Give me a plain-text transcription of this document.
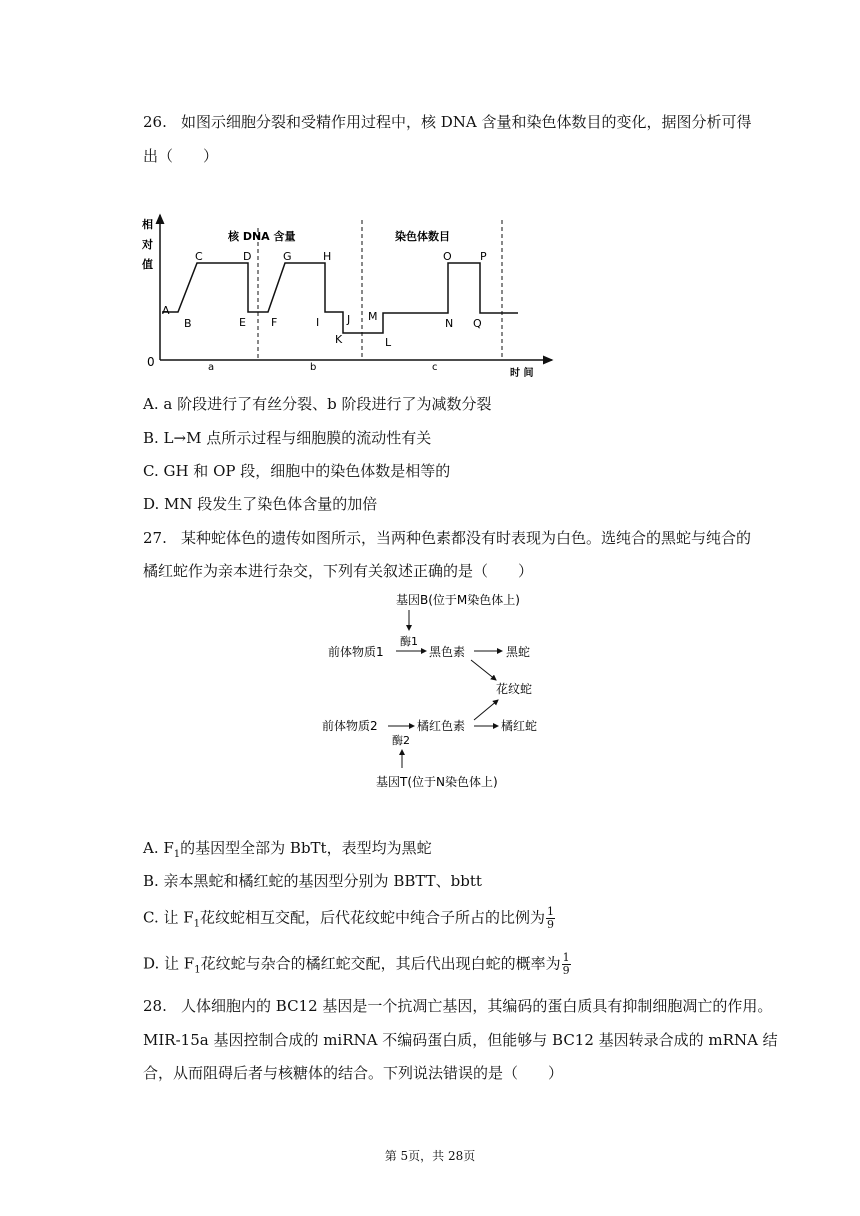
26. 如图示细胞分裂和受精作用过程中，核 DNA 含量和染色体数目的变化，据图分析可得
出（　　）
相
对
值
0
时 间
核 DNA 含量	染色体数目
a	b	c
A
B
C	D
E F
G	H
I	J
K	L
M
N
O	P
Q
A. a 阶段进行了有丝分裂、b 阶段进行了为减数分裂
B. L→M 点所示过程与细胞膜的流动性有关
C. GH 和 OP 段，细胞中的染色体数是相等的
D. MN 段发生了染色体含量的加倍
27. 某种蛇体色的遗传如图所示，当两种色素都没有时表现为白色。选纯合的黑蛇与纯合的
橘红蛇作为亲本进行杂交，下列有关叙述正确的是（　　）
基因B(位于M染色体上)
前体物质1
酶1
黑色素	黑蛇
花纹蛇
前体物质2
酶2
橘红色素	橘红蛇
基因T(位于N染色体上)
A. $F_1$的基因型全部为 BbTt，表型均为黑蛇
B. 亲本黑蛇和橘红蛇的基因型分别为 BBTT、bbtt
C. 让 $F_1$花纹蛇相互交配，后代花纹蛇中纯合子所占的比例为 $\frac{1}{9}$
D. 让 $F_1$花纹蛇与杂合的橘红蛇交配，其后代出现白蛇的概率为 $\frac{1}{9}$
28. 人体细胞内的 BC12 基因是一个抗凋亡基因，其编码的蛋白质具有抑制细胞凋亡的作用。
MIR-15a 基因控制合成的 miRNA 不编码蛋白质，但能够与 BC12 基因转录合成的 mRNA 结
合，从而阻碍后者与核糖体的结合。下列说法错误的是（　　）
第 5页，共 28页
